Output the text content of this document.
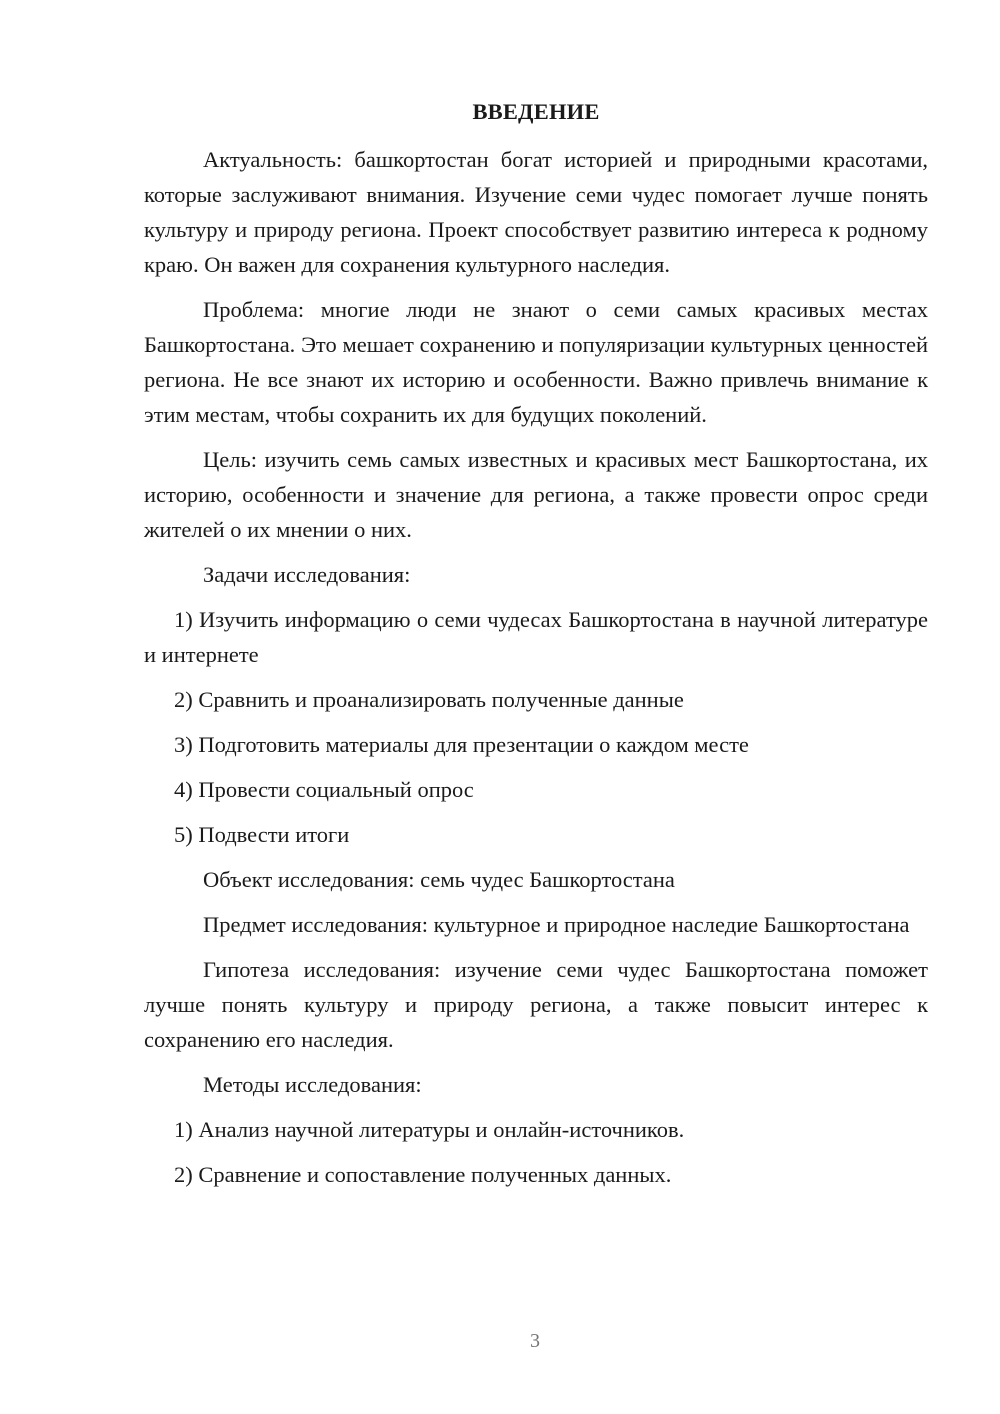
ВВЕДЕНИЕ

Актуальность: башкортостан богат историей и природными красотами, которые заслуживают внимания. Изучение семи чудес помогает лучше понять культуру и природу региона. Проект способствует развитию интереса к родному краю. Он важен для сохранения культурного наследия.

Проблема: многие люди не знают о семи самых красивых местах Башкортостана. Это мешает сохранению и популяризации культурных ценностей региона. Не все знают их историю и особенности. Важно привлечь внимание к этим местам, чтобы сохранить их для будущих поколений.

Цель: изучить семь самых известных и красивых мест Башкортостана, их историю, особенности и значение для региона, а также провести опрос среди жителей о их мнении о них.

Задачи исследования:

1) Изучить информацию о семи чудесах Башкортостана в научной литературе и интернете

2) Сравнить и проанализировать полученные данные

3) Подготовить материалы для презентации о каждом месте

4) Провести социальный опрос

5) Подвести итоги

Объект исследования: семь чудес Башкортостана

Предмет исследования: культурное и природное наследие Башкортостана

Гипотеза исследования: изучение семи чудес Башкортостана поможет лучше понять культуру и природу региона, а также повысит интерес к сохранению его наследия.

Методы исследования:

1) Анализ научной литературы и онлайн-источников.

2) Сравнение и сопоставление полученных данных.

3
